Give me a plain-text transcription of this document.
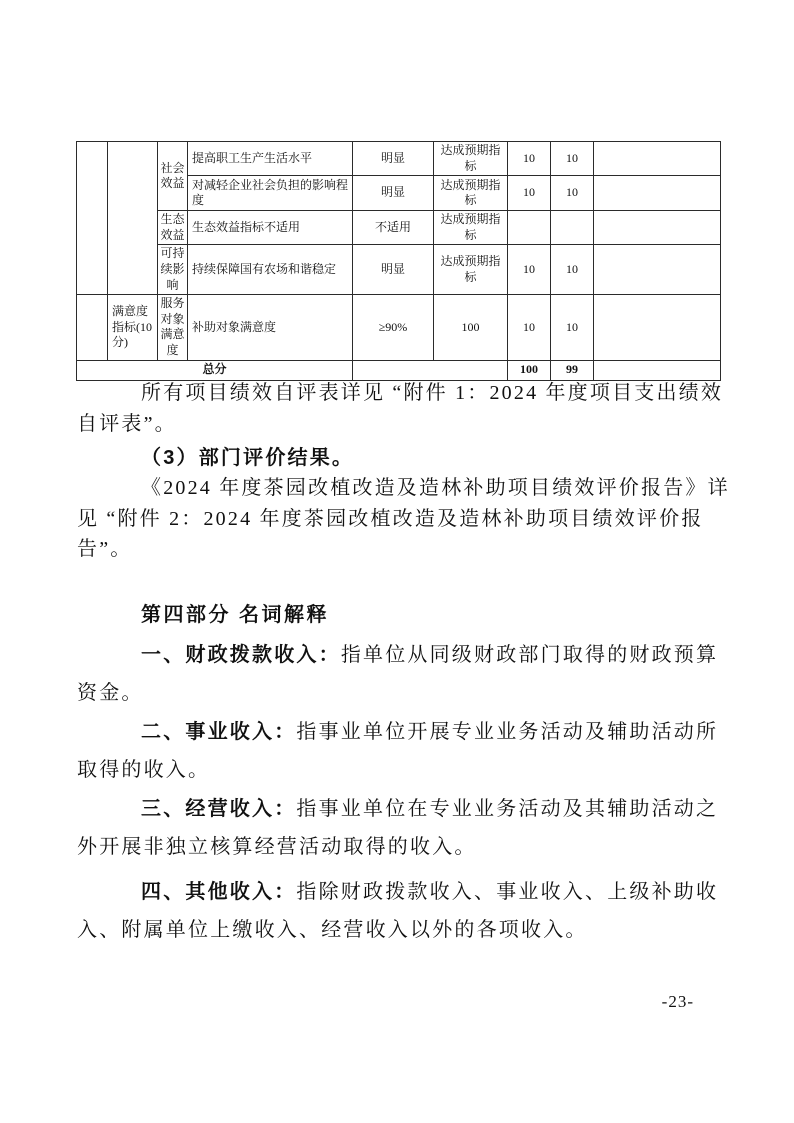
		社会效益	提高职工生产生活水平	明显	达成预期指标	10	10	
			对减轻企业社会负担的影响程度	明显	达成预期指标	10	10	
		生态效益	生态效益指标不适用	不适用	达成预期指标			
		可持续影响	持续保障国有农场和谐稳定	明显	达成预期指标	10	10	
	满意度指标(10分)	服务对象满意度	补助对象满意度	≥90%	100	10	10	
总分						100	99	
所有项目绩效自评表详见 “附件 1：2024 年度项目支出绩效
自评表”。
（3）部门评价结果。
《2024 年度茶园改植改造及造林补助项目绩效评价报告》详
见 “附件 2：2024 年度茶园改植改造及造林补助项目绩效评价报
告”。
第四部分 名词解释
一、财政拨款收入：指单位从同级财政部门取得的财政预算
资金。
二、事业收入：指事业单位开展专业业务活动及辅助活动所
取得的收入。
三、经营收入：指事业单位在专业业务活动及其辅助活动之
外开展非独立核算经营活动取得的收入。
四、其他收入：指除财政拨款收入、事业收入、上级补助收
入、附属单位上缴收入、经营收入以外的各项收入。
-23-
